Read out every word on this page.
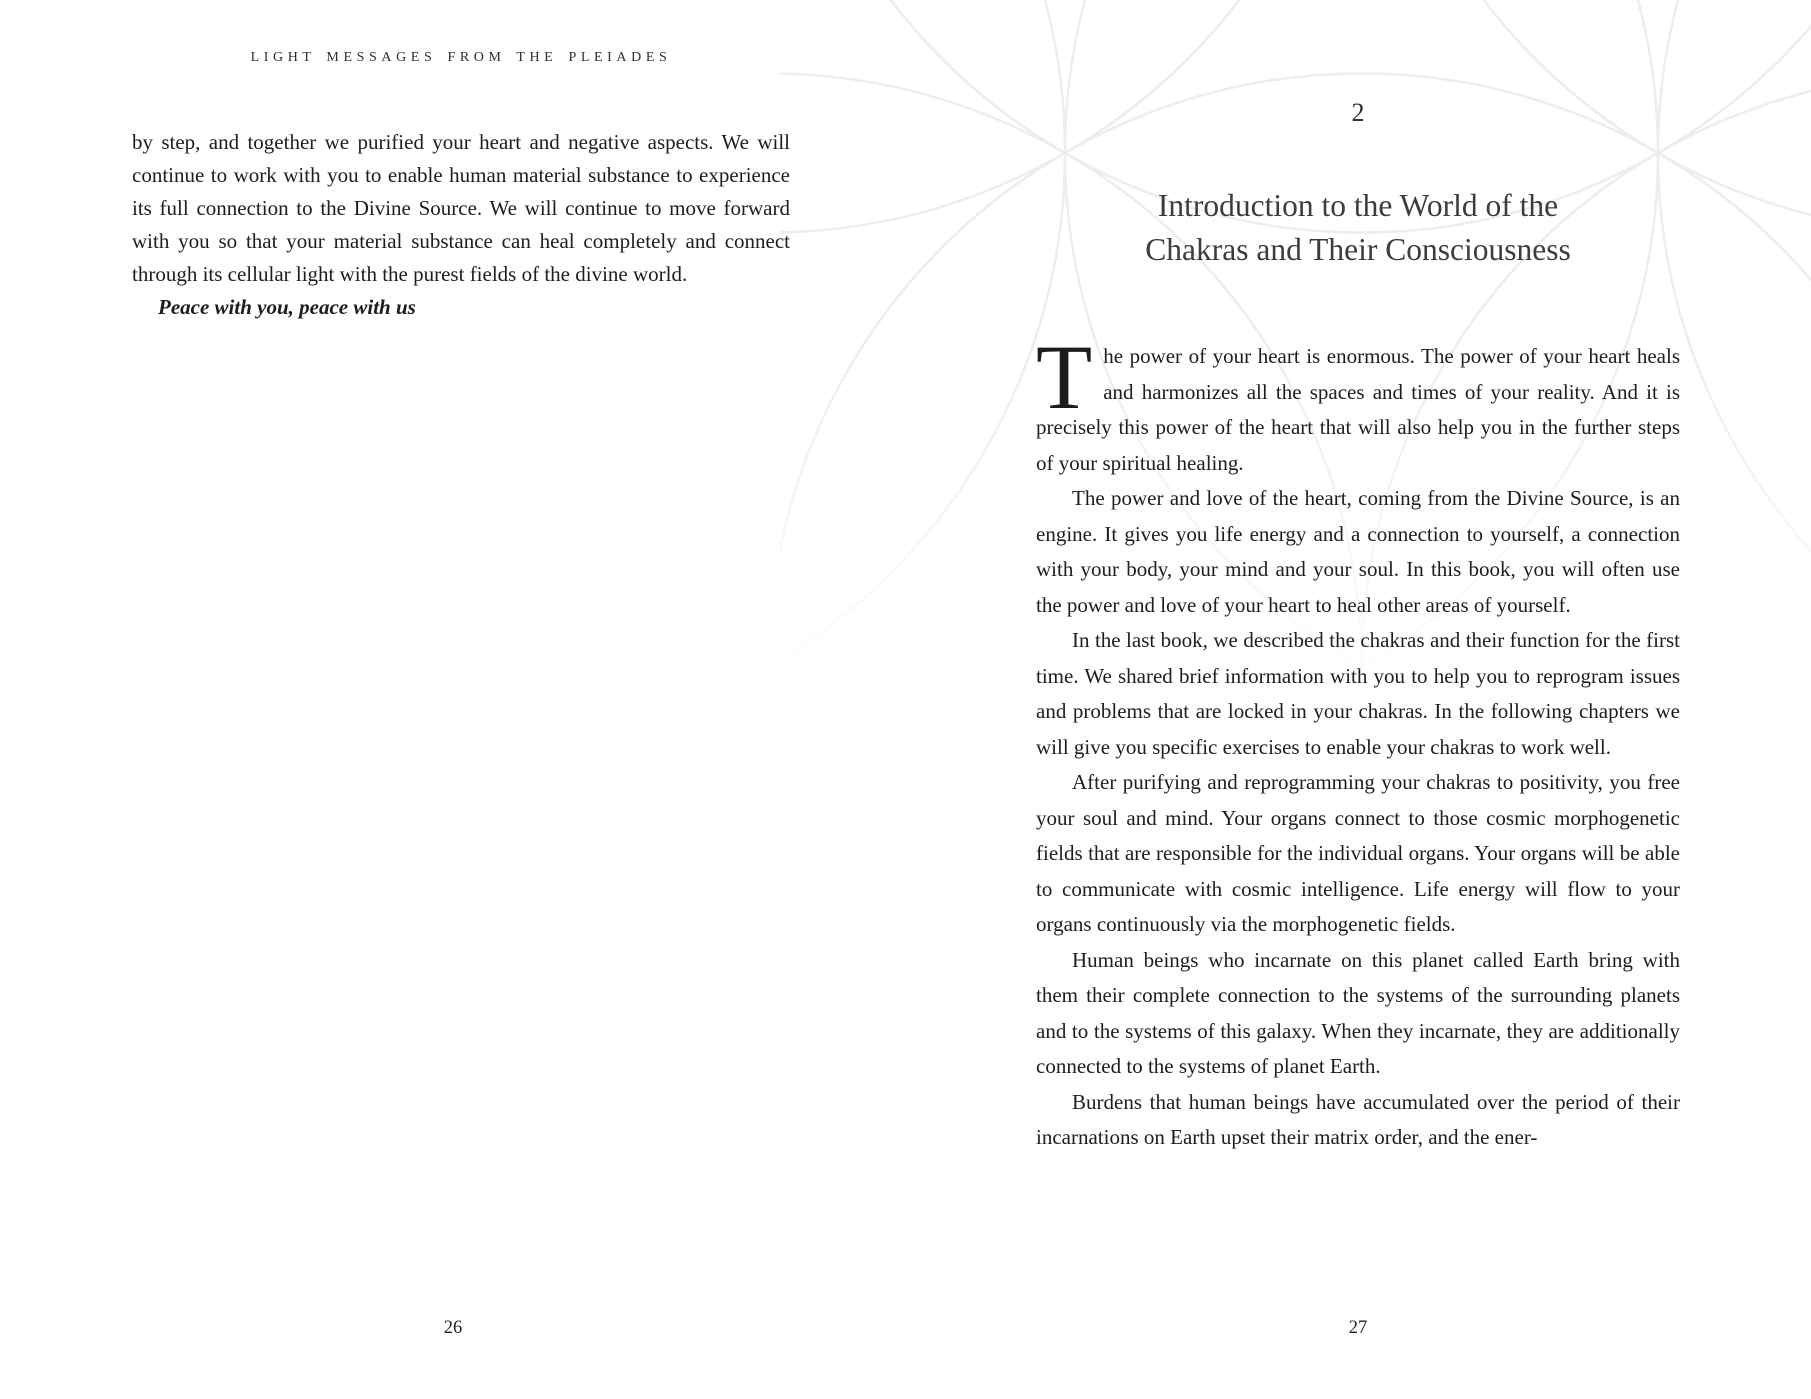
LIGHT MESSAGES FROM THE PLEIADES

by step, and together we purified your heart and negative aspects. We will continue to work with you to enable human material substance to experience its full connection to the Divine Source. We will continue to move forward with you so that your material substance can heal completely and connect through its cellular light with the purest fields of the divine world.

Peace with you, peace with us

26
2
Introduction to the World of the
Chakras and Their Consciousness

The power of your heart is enormous. The power of your heart heals and harmonizes all the spaces and times of your reality. And it is precisely this power of the heart that will also help you in the further steps of your spiritual healing.

The power and love of the heart, coming from the Divine Source, is an engine. It gives you life energy and a connection to yourself, a connection with your body, your mind and your soul. In this book, you will often use the power and love of your heart to heal other areas of yourself.

In the last book, we described the chakras and their function for the first time. We shared brief information with you to help you to reprogram issues and problems that are locked in your chakras. In the following chapters we will give you specific exercises to enable your chakras to work well.

After purifying and reprogramming your chakras to positivity, you free your soul and mind. Your organs connect to those cosmic morphogenetic fields that are responsible for the individual organs. Your organs will be able to communicate with cosmic intelligence. Life energy will flow to your organs continuously via the morphogenetic fields.

Human beings who incarnate on this planet called Earth bring with them their complete connection to the systems of the surrounding planets and to the systems of this galaxy. When they incarnate, they are additionally connected to the systems of planet Earth.

Burdens that human beings have accumulated over the period of their incarnations on Earth upset their matrix order, and the ener-

27
